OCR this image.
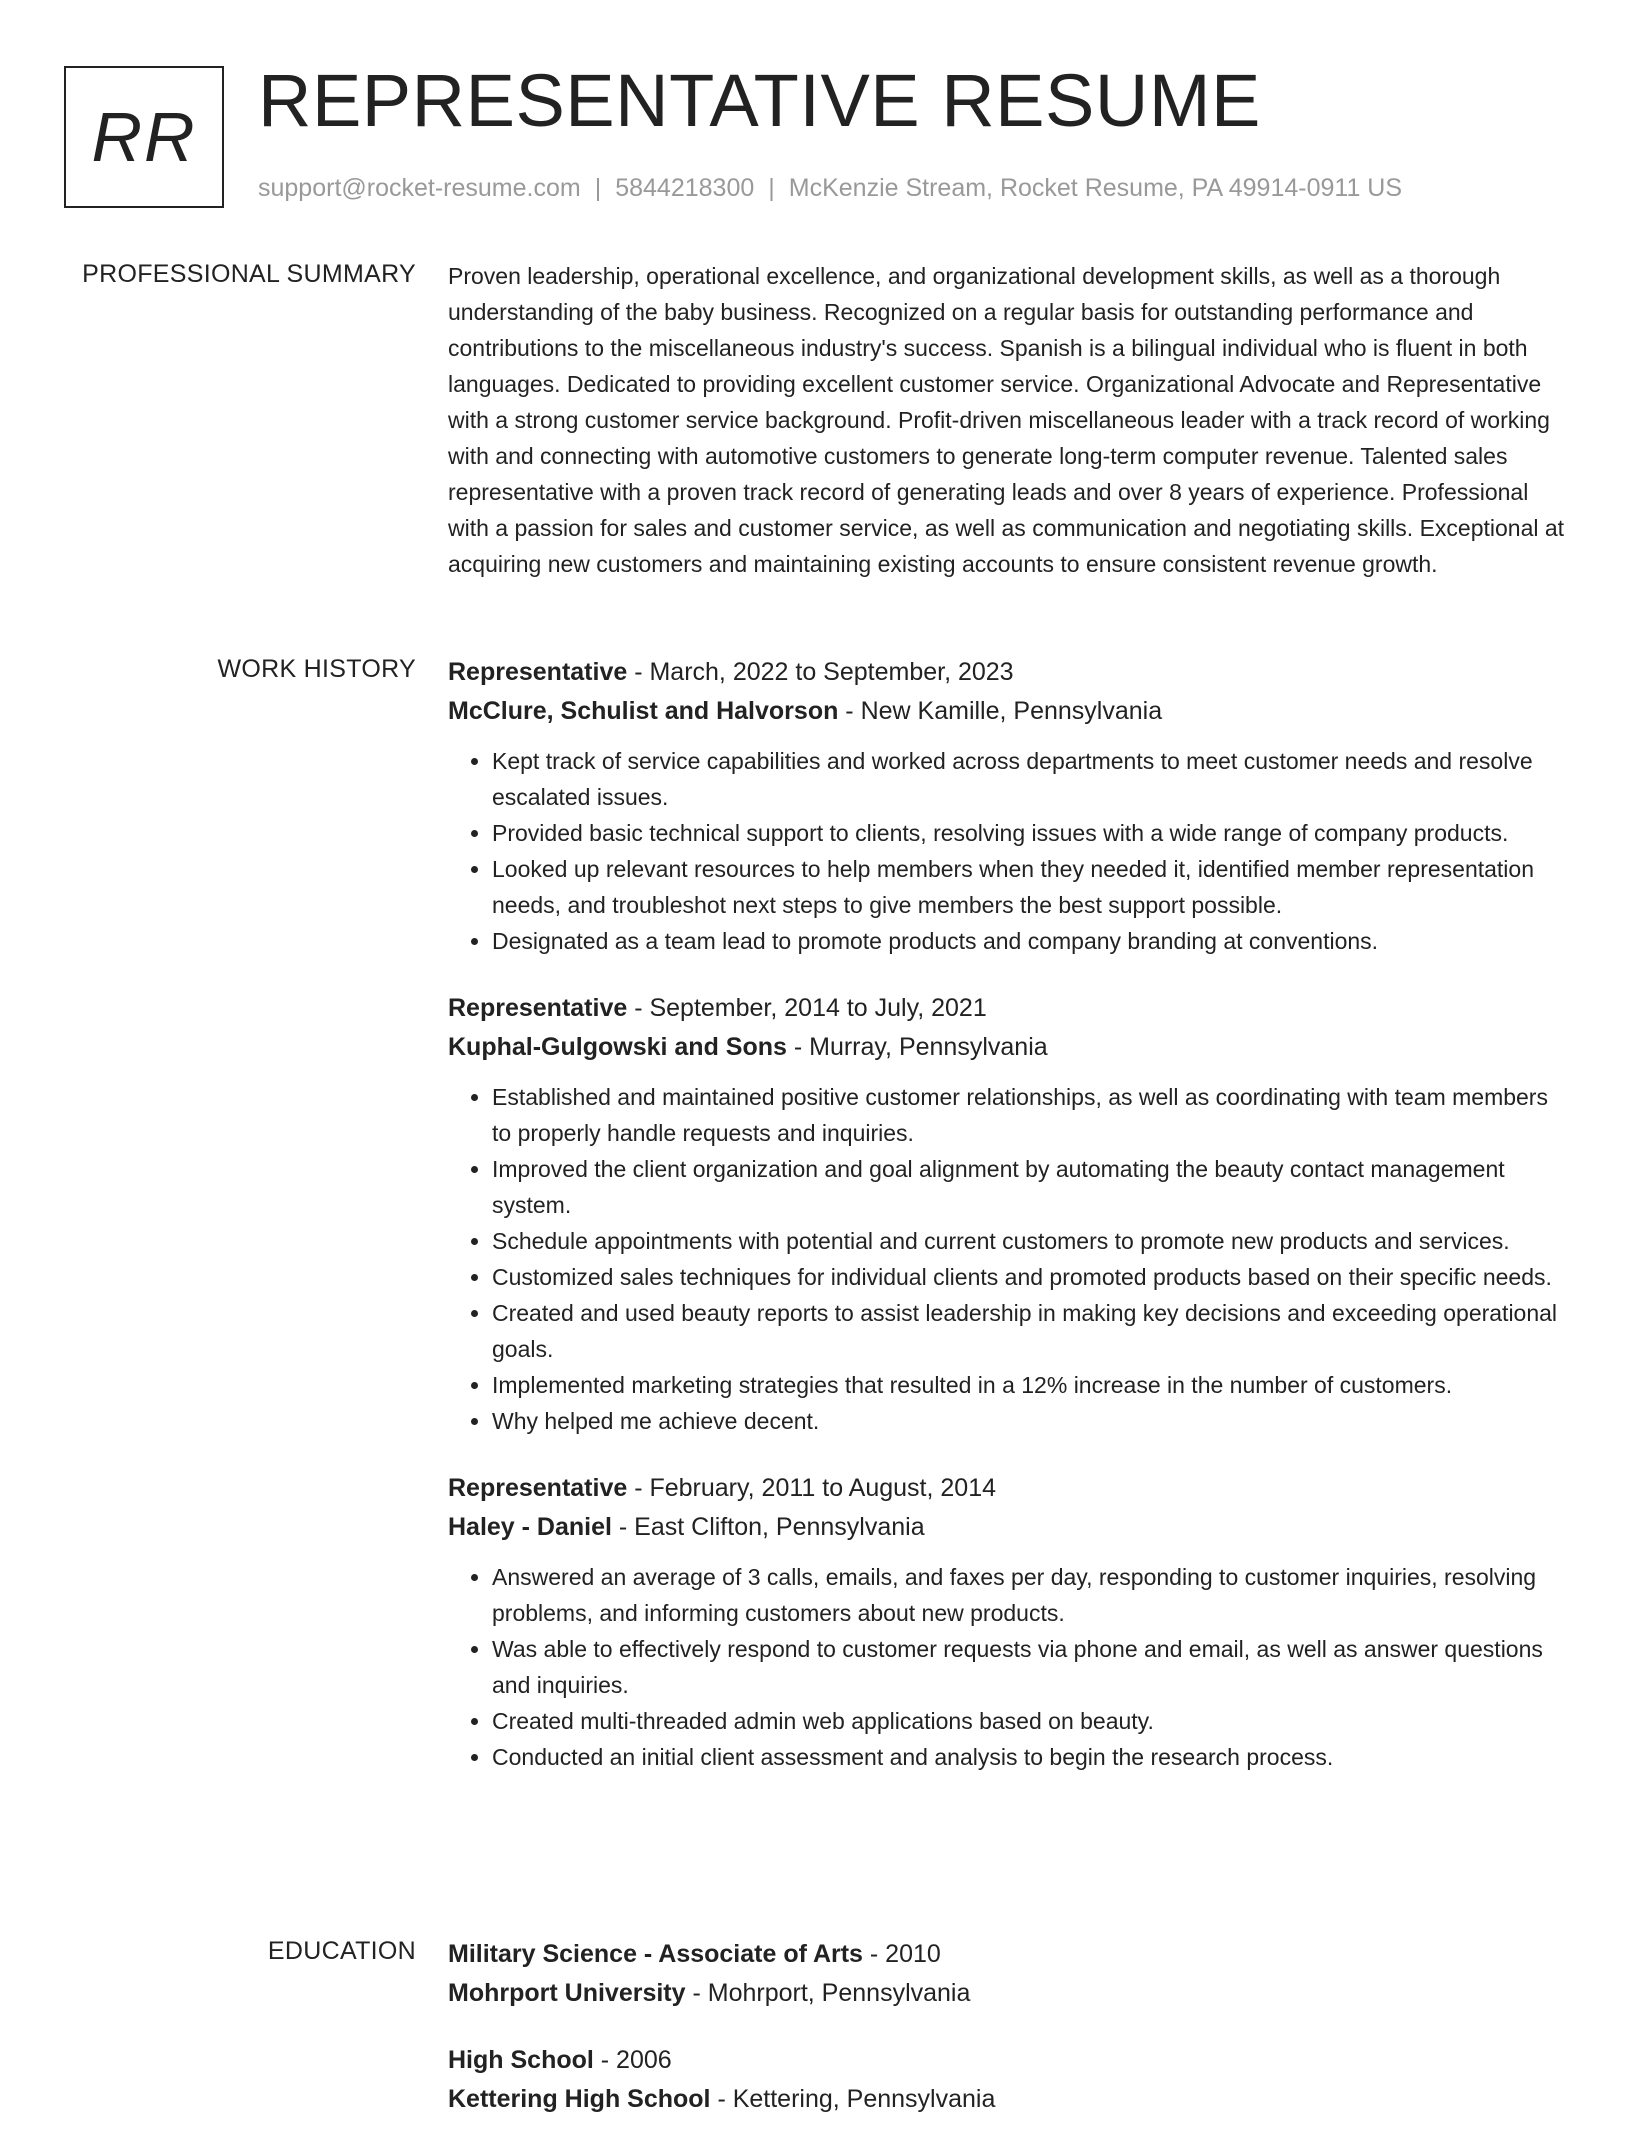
RR REPRESENTATIVE RESUME
support@rocket-resume.com | 5844218300 | McKenzie Stream, Rocket Resume, PA 49914-0911 US
PROFESSIONAL SUMMARY Proven leadership, operational excellence, and organizational development skills, as well as a thorough understanding of the baby business. Recognized on a regular basis for outstanding performance and contributions to the miscellaneous industry's success. Spanish is a bilingual individual who is fluent in both languages. Dedicated to providing excellent customer service. Organizational Advocate and Representative with a strong customer service background. Profit-driven miscellaneous leader with a track record of working with and connecting with automotive customers to generate long-term computer revenue. Talented sales representative with a proven track record of generating leads and over 8 years of experience. Professional with a passion for sales and customer service, as well as communication and negotiating skills. Exceptional at acquiring new customers and maintaining existing accounts to ensure consistent revenue growth.

WORK HISTORY Representative - March, 2022 to September, 2023
McClure, Schulist and Halvorson - New Kamille, Pennsylvania
• Kept track of service capabilities and worked across departments to meet customer needs and resolve escalated issues.
• Provided basic technical support to clients, resolving issues with a wide range of company products.
• Looked up relevant resources to help members when they needed it, identified member representation needs, and troubleshot next steps to give members the best support possible.
• Designated as a team lead to promote products and company branding at conventions.
Representative - September, 2014 to July, 2021
Kuphal-Gulgowski and Sons - Murray, Pennsylvania
• Established and maintained positive customer relationships, as well as coordinating with team members to properly handle requests and inquiries.
• Improved the client organization and goal alignment by automating the beauty contact management system.
• Schedule appointments with potential and current customers to promote new products and services.
• Customized sales techniques for individual clients and promoted products based on their specific needs.
• Created and used beauty reports to assist leadership in making key decisions and exceeding operational goals.
• Implemented marketing strategies that resulted in a 12% increase in the number of customers.
• Why helped me achieve decent.
Representative - February, 2011 to August, 2014
Haley - Daniel - East Clifton, Pennsylvania
• Answered an average of 3 calls, emails, and faxes per day, responding to customer inquiries, resolving problems, and informing customers about new products.
• Was able to effectively respond to customer requests via phone and email, as well as answer questions and inquiries.
• Created multi-threaded admin web applications based on beauty.
• Conducted an initial client assessment and analysis to begin the research process.
EDUCATION Military Science - Associate of Arts - 2010
Mohrport University - Mohrport, Pennsylvania
High School - 2006
Kettering High School - Kettering, Pennsylvania
